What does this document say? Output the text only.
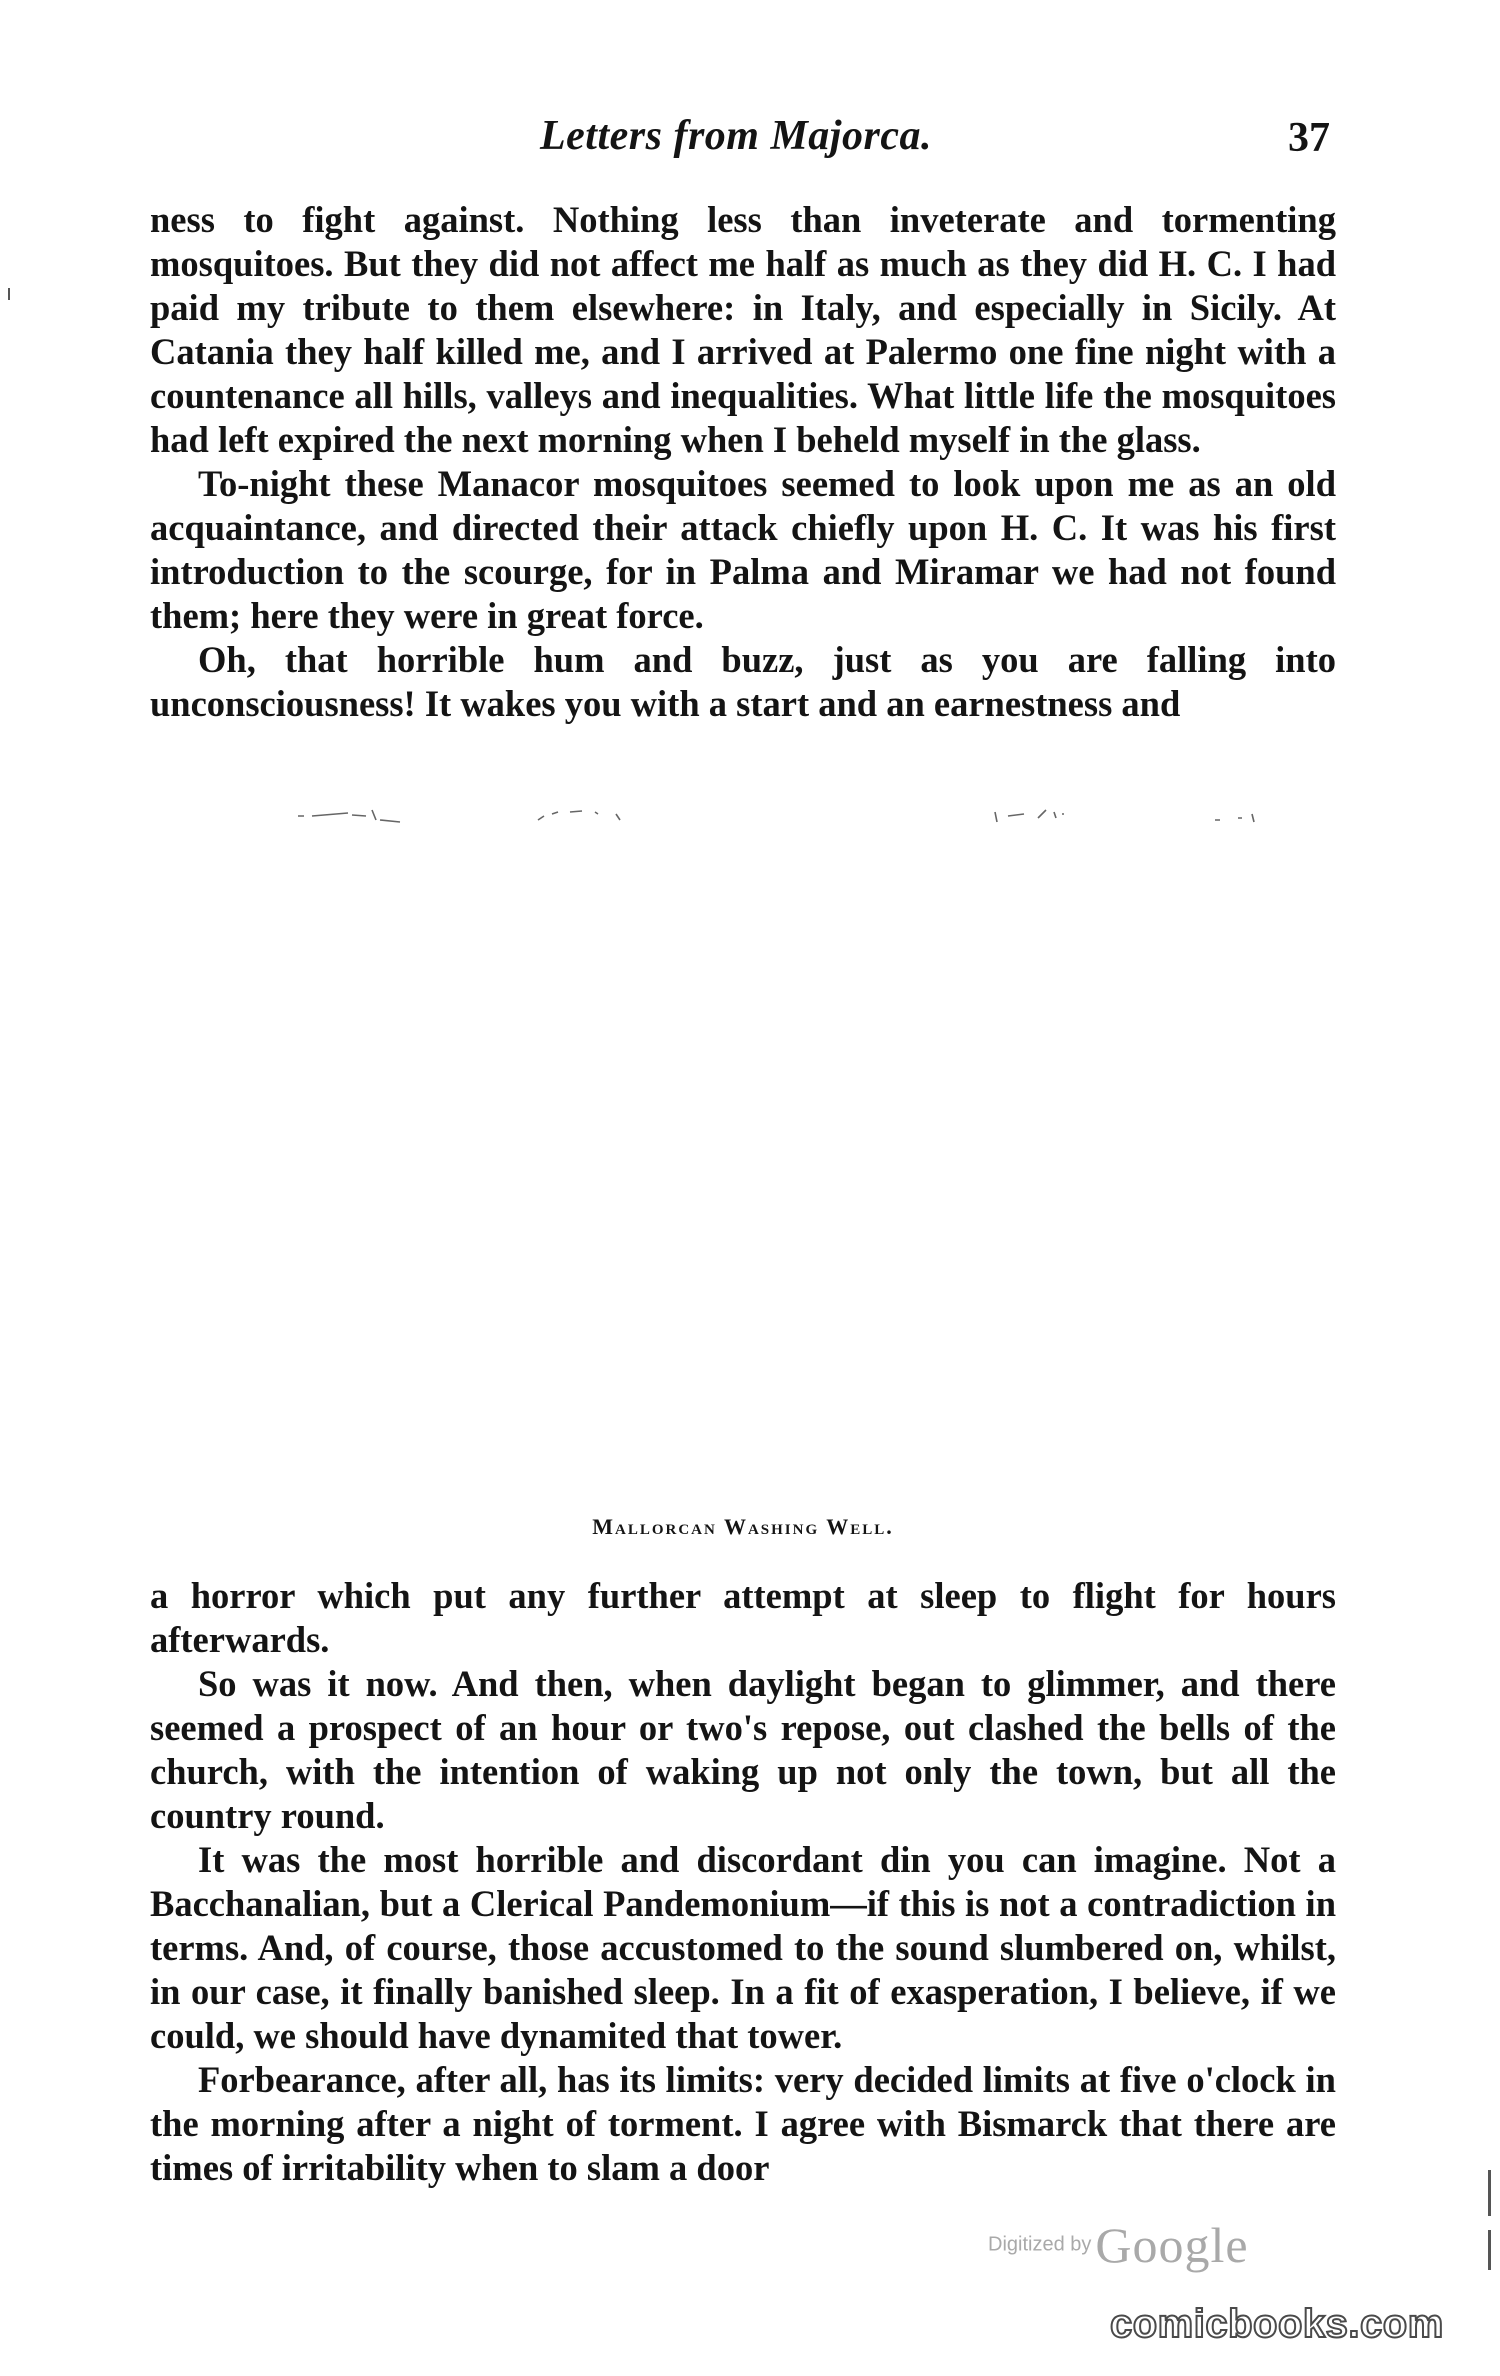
Letters from Majorca.	37

ness to fight against. Nothing less than inveterate and tormenting mosquitoes. But they did not affect me half as much as they did H. C. I had paid my tribute to them elsewhere: in Italy, and especially in Sicily. At Catania they half killed me, and I arrived at Palermo one fine night with a countenance all hills, valleys and inequalities. What little life the mosquitoes had left expired the next morning when I beheld myself in the glass.

To-night these Manacor mosquitoes seemed to look upon me as an old acquaintance, and directed their attack chiefly upon H. C. It was his first introduction to the scourge, for in Palma and Miramar we had not found them; here they were in great force.

Oh, that horrible hum and buzz, just as you are falling into unconsciousness! It wakes you with a start and an earnestness and

Mallorcan Washing Well.

a horror which put any further attempt at sleep to flight for hours afterwards.

So was it now. And then, when daylight began to glimmer, and there seemed a prospect of an hour or two's repose, out clashed the bells of the church, with the intention of waking up not only the town, but all the country round.

It was the most horrible and discordant din you can imagine. Not a Bacchanalian, but a Clerical Pandemonium—if this is not a contradiction in terms. And, of course, those accustomed to the sound slumbered on, whilst, in our case, it finally banished sleep. In a fit of exasperation, I believe, if we could, we should have dynamited that tower.

Forbearance, after all, has its limits: very decided limits at five o'clock in the morning after a night of torment. I agree with Bismarck that there are times of irritability when to slam a door

Digitized by Google
comicbooks.com
